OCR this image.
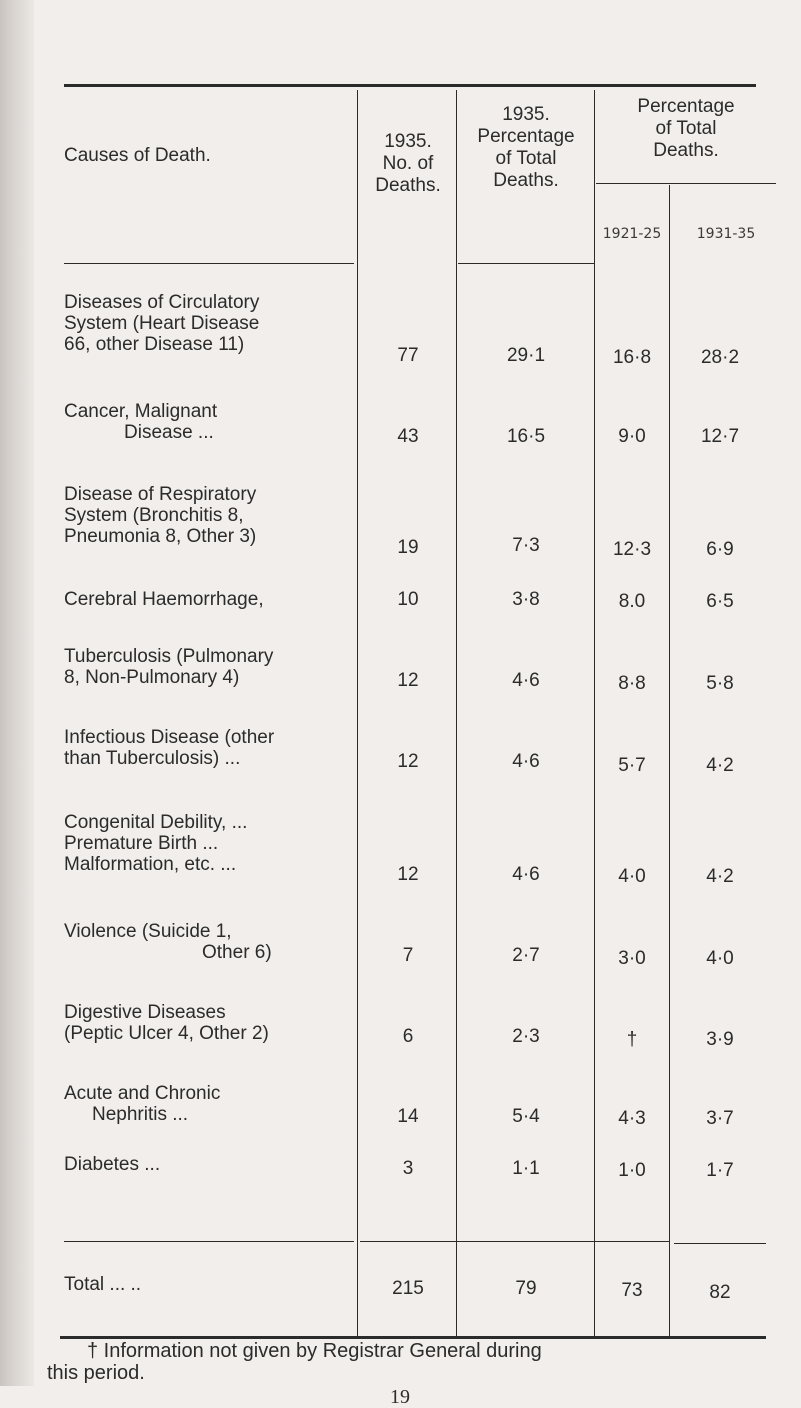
Causes of Death.
1935.
No. of
Deaths.
1935.
Percentage
of Total
Deaths.
Percentage
of Total
Deaths.
1921-25	1931-35
Diseases of Circulatory
System (Heart Disease
66, other Disease 11)
77	29·1	16·8	28·2
Cancer, Malignant
Disease ...	43	16·5	9·0	12·7
Disease of Respiratory
System (Bronchitis 8,
Pneumonia 8, Other 3)
19	7·3	12·3	6·9
Cerebral Haemorrhage,	10	3·8	8.0	6·5
Tuberculosis (Pulmonary
8, Non-Pulmonary 4)	12	4·6	8·8	5·8
Infectious Disease (other
than Tuberculosis) ...	12	4·6	5·7	4·2
Congenital Debility, ...
Premature Birth ...
Malformation, etc. ...	12	4·6	4·0	4·2
Violence (Suicide 1,
Other 6)	7	2·7	3·0	4·0
Digestive Diseases
(Peptic Ulcer 4, Other 2)	6	2·3	†	3·9
Acute and Chronic
Nephritis ...	14	5·4	4·3	3·7
Diabetes ...	3	1·1	1·0	1·7
Total ... ..	215	79	73	82
† Information not given by Registrar General during
this period.
19
